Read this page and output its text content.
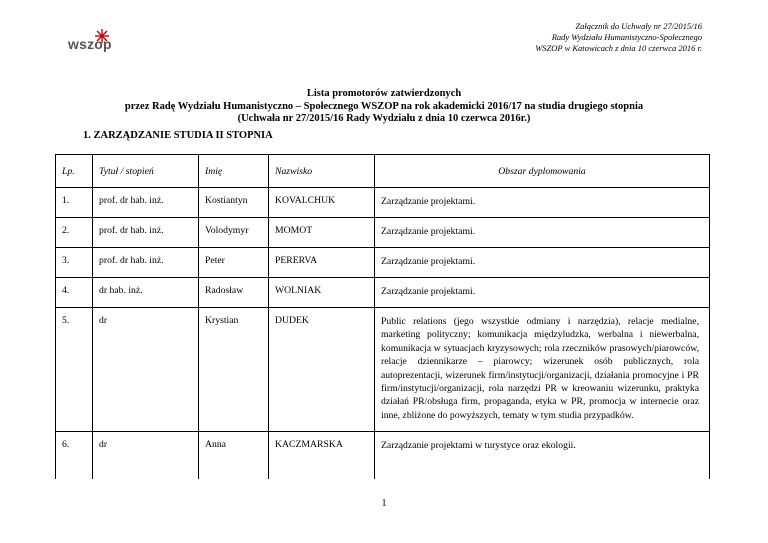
wszop
Załącznik do Uchwały nr 27/2015/16
Rady Wydziału Humanistyczno-Społecznego
WSZOP w Katowicach z dnia 10 czerwca 2016 r.
Lista promotorów zatwierdzonych
przez Radę Wydziału Humanistyczno – Społecznego WSZOP na rok akademicki 2016/17 na studia drugiego stopnia
(Uchwała nr 27/2015/16 Rady Wydziału z dnia 10 czerwca 2016r.)
1. ZARZĄDZANIE STUDIA II STOPNIA
Lp.	Tytuł / stopień	Imię	Nazwisko	Obszar dyplomowania
1.	prof. dr hab. inż.	Kostiantyn	KOVALCHUK	Zarządzanie projektami.
2.	prof. dr hab. inż.	Volodymyr	MOMOT	Zarządzanie projektami.
3.	prof. dr hab. inż.	Peter	PERERVA	Zarządzanie projektami.
4.	dr hab. inż.	Radosław	WOLNIAK	Zarządzanie projektami.
5.	dr	Krystian	DUDEK	Public relations (jego wszystkie odmiany i narzędzia), relacje medialne, marketing polityczny; komunikacja międzyludzka, werbalna i niewerbalna, komunikacja w sytuacjach kryzysowych; rola rzeczników prasowych/piarowców, relacje dziennikarze – piarowcy; wizerunek osób publicznych, rola autoprezentacji, wizerunek firm/instytucji/organizacji, działania promocyjne i PR firm/instytucji/organizacji, rola narzędzi PR w kreowaniu wizerunku, praktyka działań PR/obsługa firm, propaganda, etyka w PR, promocja w internecie oraz inne, zbliżone do powyższych, tematy w tym studia przypadków.
6.	dr	Anna	KACZMARSKA	Zarządzanie projektami w turystyce oraz ekologii.
1
